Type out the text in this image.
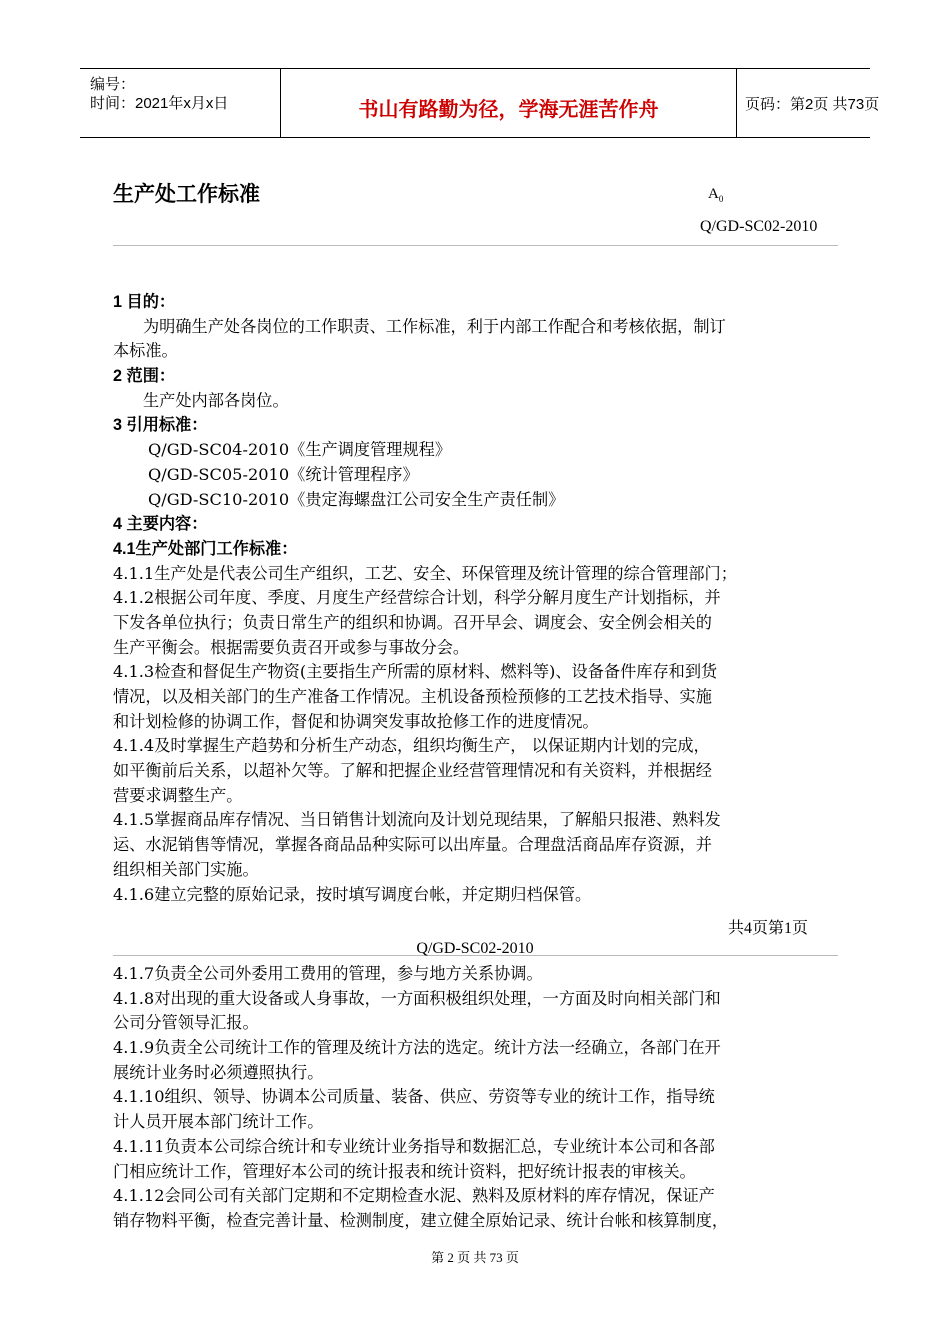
编号：
时间：2021年x月x日	书山有路勤为径，学海无涯苦作舟	页码：第2页 共73页
生产处工作标准	$A_0$
Q/GD-SC02-2010
1 目的：
为明确生产处各岗位的工作职责、工作标准，利于内部工作配合和考核依据，制订
本标准。
2 范围：
生产处内部各岗位。
3 引用标准：
Q/GD-SC04-2010《生产调度管理规程》
Q/GD-SC05-2010《统计管理程序》
Q/GD-SC10-2010《贵定海螺盘江公司安全生产责任制》
4 主要内容：
4.1生产处部门工作标准：
4.1.1生产处是代表公司生产组织，工艺、安全、环保管理及统计管理的综合管理部门；
4.1.2根据公司年度、季度、月度生产经营综合计划，科学分解月度生产计划指标，并
下发各单位执行；负责日常生产的组织和协调。召开早会、调度会、安全例会相关的
生产平衡会。根据需要负责召开或参与事故分会。
4.1.3检查和督促生产物资(主要指生产所需的原材料、燃料等)、设备备件库存和到货
情况，以及相关部门的生产准备工作情况。主机设备预检预修的工艺技术指导、实施
和计划检修的协调工作，督促和协调突发事故抢修工作的进度情况。
4.1.4及时掌握生产趋势和分析生产动态，组织均衡生产， 以保证期内计划的完成，
如平衡前后关系，以超补欠等。了解和把握企业经营管理情况和有关资料，并根据经
营要求调整生产。
4.1.5掌握商品库存情况、当日销售计划流向及计划兑现结果，了解船只报港、熟料发
运、水泥销售等情况，掌握各商品品种实际可以出库量。合理盘活商品库存资源，并
组织相关部门实施。
4.1.6建立完整的原始记录，按时填写调度台帐，并定期归档保管。
共4页第1页
Q/GD-SC02-2010
4.1.7负责全公司外委用工费用的管理，参与地方关系协调。
4.1.8对出现的重大设备或人身事故，一方面积极组织处理，一方面及时向相关部门和
公司分管领导汇报。
4.1.9负责全公司统计工作的管理及统计方法的选定。统计方法一经确立，各部门在开
展统计业务时必须遵照执行。
4.1.10组织、领导、协调本公司质量、装备、供应、劳资等专业的统计工作，指导统
计人员开展本部门统计工作。
4.1.11负责本公司综合统计和专业统计业务指导和数据汇总，专业统计本公司和各部
门相应统计工作，管理好本公司的统计报表和统计资料，把好统计报表的审核关。
4.1.12会同公司有关部门定期和不定期检查水泥、熟料及原材料的库存情况，保证产
销存物料平衡，检查完善计量、检测制度，建立健全原始记录、统计台帐和核算制度，
第 2 页 共 73 页
